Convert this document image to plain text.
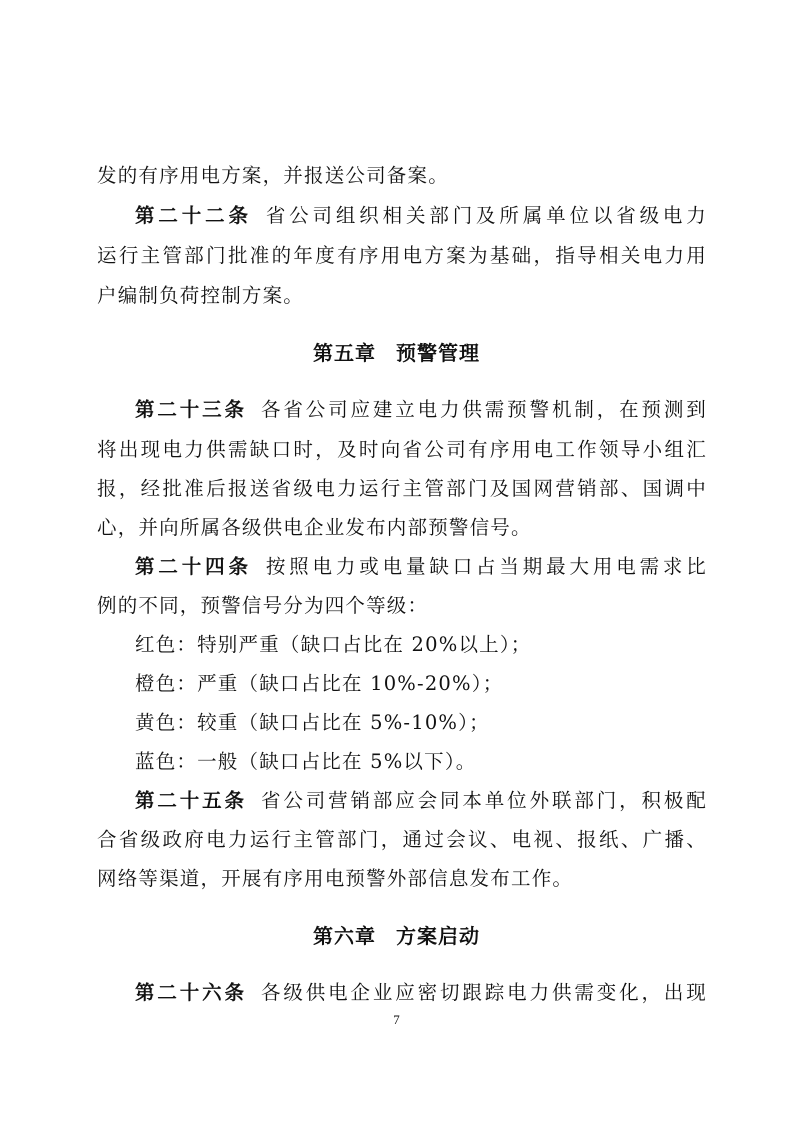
发的有序用电方案，并报送公司备案。
第二十二条 省公司组织相关部门及所属单位以省级电力
运行主管部门批准的年度有序用电方案为基础，指导相关电力用
户编制负荷控制方案。
第五章 预警管理
第二十三条 各省公司应建立电力供需预警机制，在预测到
将出现电力供需缺口时，及时向省公司有序用电工作领导小组汇
报，经批准后报送省级电力运行主管部门及国网营销部、国调中
心，并向所属各级供电企业发布内部预警信号。
第二十四条 按照电力或电量缺口占当期最大用电需求比
例的不同，预警信号分为四个等级：
红色：特别严重（缺口占比在 20%以上）；
橙色：严重（缺口占比在 10%-20%）；
黄色：较重（缺口占比在 5%-10%）；
蓝色：一般（缺口占比在 5%以下）。
第二十五条 省公司营销部应会同本单位外联部门，积极配
合省级政府电力运行主管部门，通过会议、电视、报纸、广播、
网络等渠道，开展有序用电预警外部信息发布工作。
第六章 方案启动
第二十六条 各级供电企业应密切跟踪电力供需变化，出现
7
